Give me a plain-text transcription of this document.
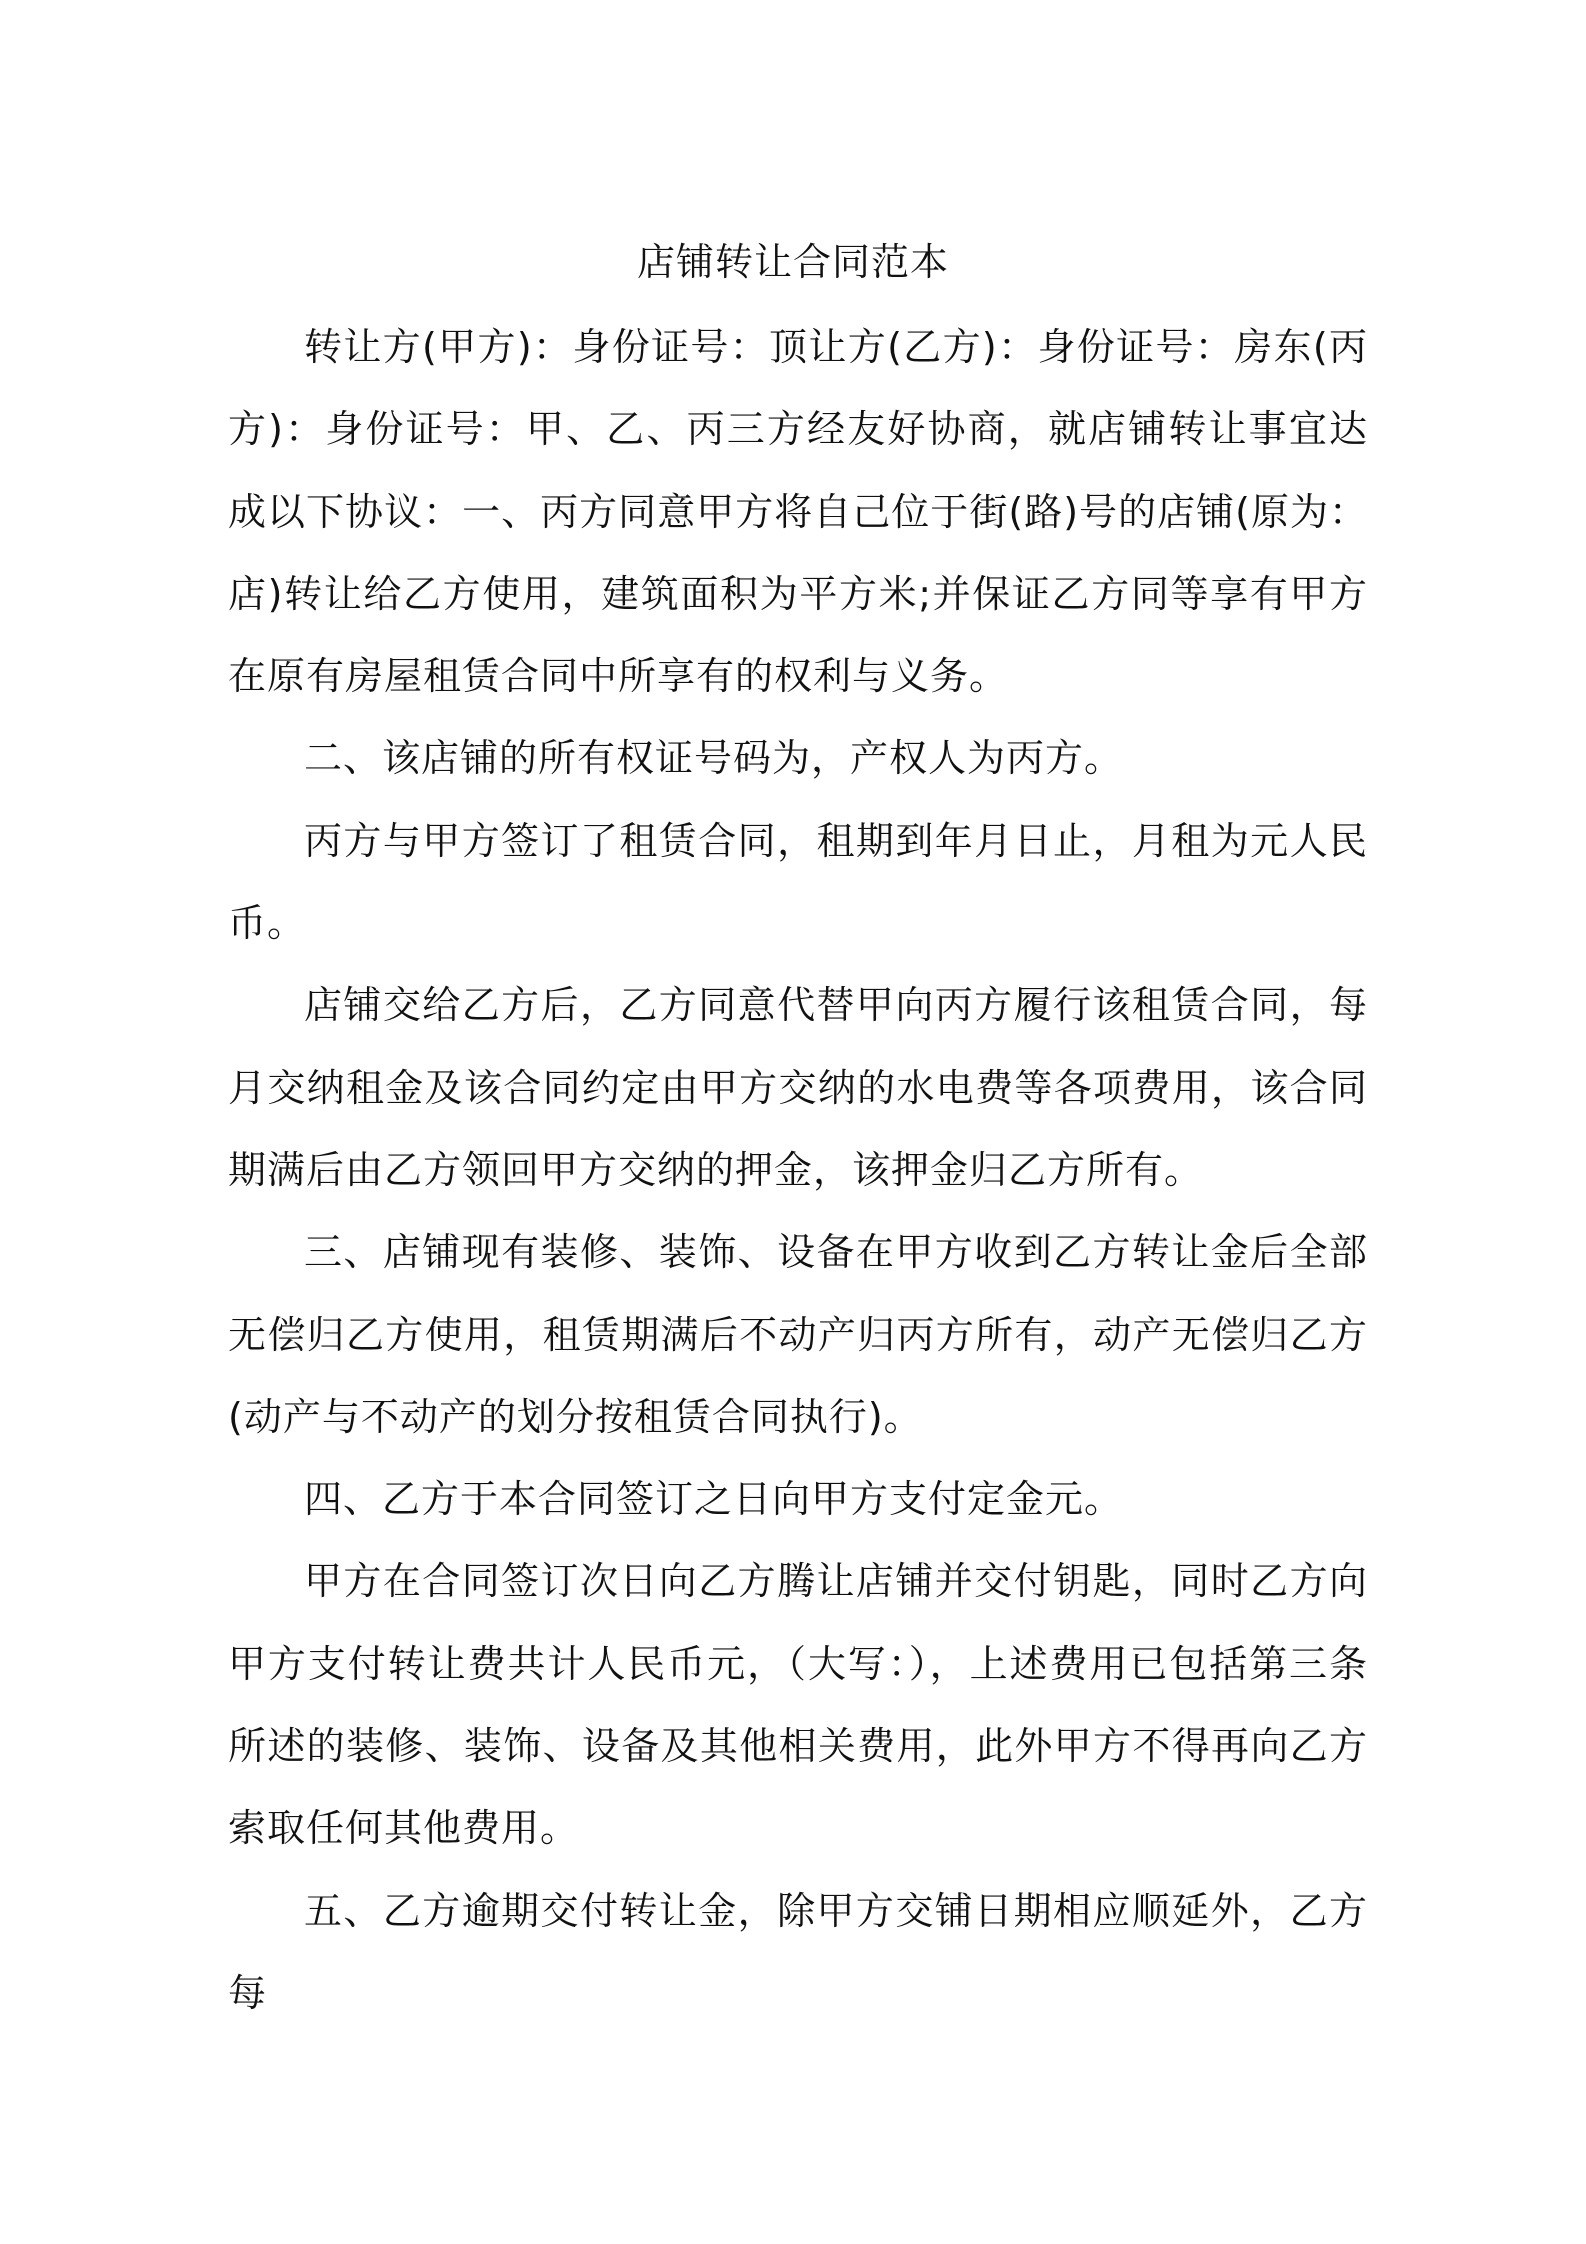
店铺转让合同范本

转让方(甲方)：身份证号：顶让方(乙方)：身份证号：房东(丙方)：身份证号：甲、乙、丙三方经友好协商，就店铺转让事宜达成以下协议：一、丙方同意甲方将自己位于街(路)号的店铺(原为：店)转让给乙方使用，建筑面积为平方米;并保证乙方同等享有甲方在原有房屋租赁合同中所享有的权利与义务。

二、该店铺的所有权证号码为，产权人为丙方。

丙方与甲方签订了租赁合同，租期到年月日止，月租为元人民币。

店铺交给乙方后，乙方同意代替甲向丙方履行该租赁合同，每月交纳租金及该合同约定由甲方交纳的水电费等各项费用，该合同期满后由乙方领回甲方交纳的押金，该押金归乙方所有。

三、店铺现有装修、装饰、设备在甲方收到乙方转让金后全部无偿归乙方使用，租赁期满后不动产归丙方所有，动产无偿归乙方(动产与不动产的划分按租赁合同执行)。

四、乙方于本合同签订之日向甲方支付定金元。

甲方在合同签订次日向乙方腾让店铺并交付钥匙，同时乙方向甲方支付转让费共计人民币元，（大写：），上述费用已包括第三条所述的装修、装饰、设备及其他相关费用，此外甲方不得再向乙方索取任何其他费用。

五、乙方逾期交付转让金，除甲方交铺日期相应顺延外，乙方每
